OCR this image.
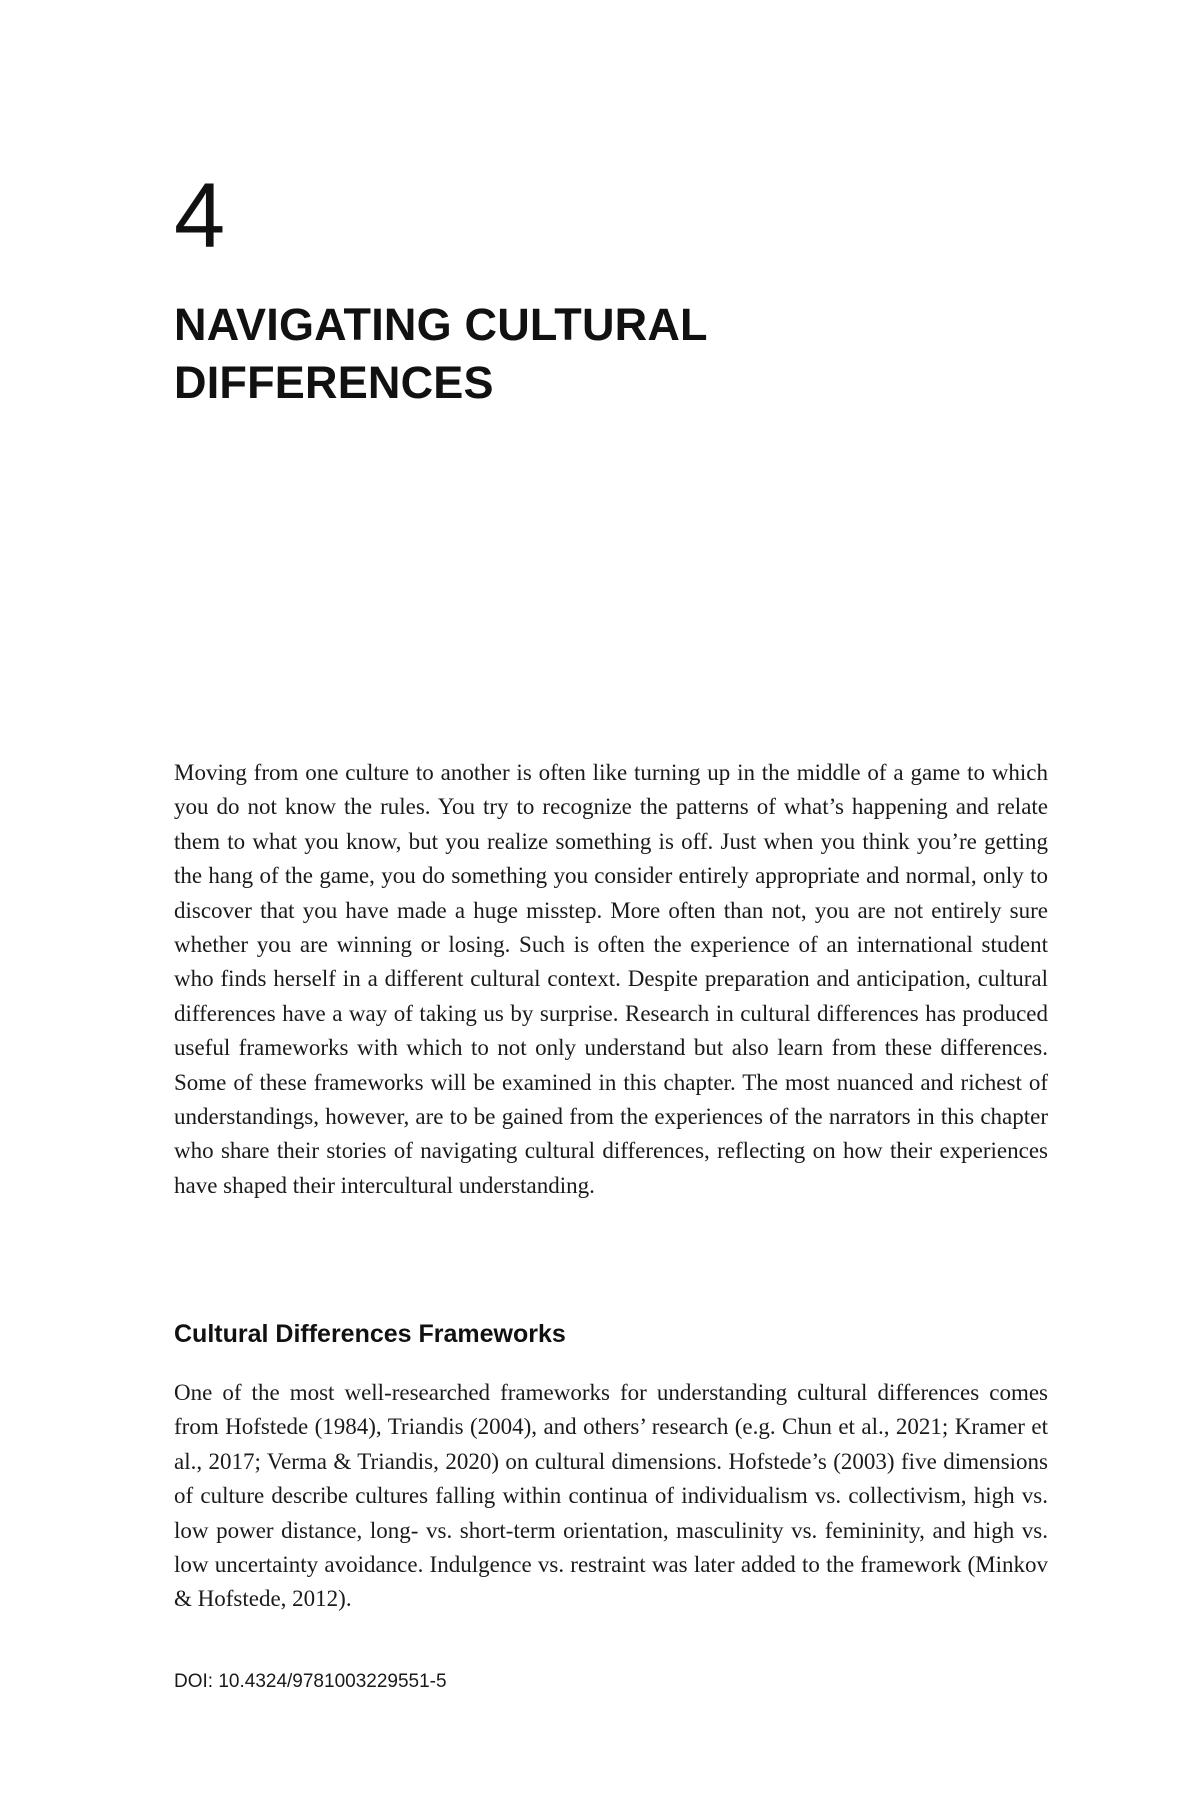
4
NAVIGATING CULTURAL
DIFFERENCES

Moving from one culture to another is often like turning up in the middle of a game to which you do not know the rules. You try to recognize the patterns of what’s happening and relate them to what you know, but you realize something is off. Just when you think you’re getting the hang of the game, you do something you consider entirely appropriate and normal, only to discover that you have made a huge misstep. More often than not, you are not entirely sure whether you are winning or losing. Such is often the experience of an international student who finds herself in a different cultural context. Despite preparation and anticipation, cultural differences have a way of taking us by surprise. Research in cultural differences has produced useful frameworks with which to not only understand but also learn from these differences. Some of these frameworks will be examined in this chapter. The most nuanced and richest of understandings, however, are to be gained from the experiences of the narrators in this chapter who share their stories of navigating cultural differences, reflecting on how their experiences have shaped their intercultural understanding.

Cultural Differences Frameworks

One of the most well-researched frameworks for understanding cultural differences comes from Hofstede (1984), Triandis (2004), and others’ research (e.g. Chun et al., 2021; Kramer et al., 2017; Verma & Triandis, 2020) on cultural dimensions. Hofstede’s (2003) five dimensions of culture describe cultures falling within continua of individualism vs. collectivism, high vs. low power distance, long- vs. short-term orientation, masculinity vs. femininity, and high vs. low uncertainty avoidance. Indulgence vs. restraint was later added to the framework (Minkov & Hofstede, 2012).

DOI: 10.4324/9781003229551-5
